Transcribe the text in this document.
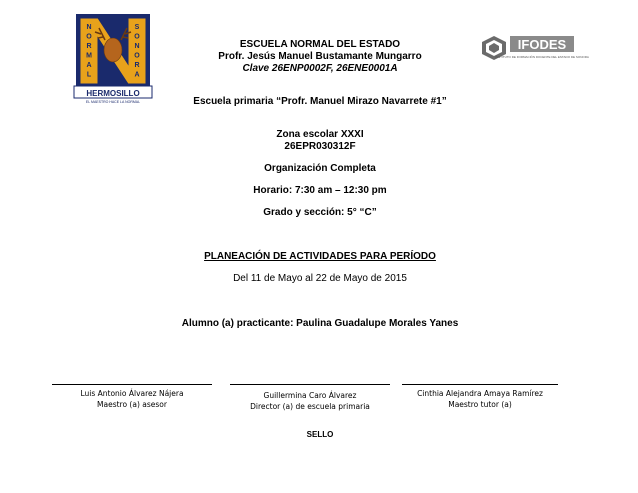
HERMOSILLO
EL MAESTRO HACE LA NORMAL
N
O
R
M
A
L
S
O
N
O
R
A
IFODES
INSTITUTO DE FORMACIÓN DOCENTE DEL ESTADO DE SONORA
ESCUELA NORMAL DEL ESTADO
Profr. Jesús Manuel Bustamante Mungarro
Clave 26ENP0002F, 26ENE0001A
Escuela primaria “Profr. Manuel Mirazo Navarrete #1”
Zona escolar XXXI
26EPR030312F
Organización Completa
Horario: 7:30 am – 12:30 pm
Grado y sección: 5° “C”
PLANEACIÓN DE ACTIVIDADES PARA PERÍODO
Del 11 de Mayo al 22 de Mayo de 2015
Alumno (a) practicante: Paulina Guadalupe Morales Yanes
Luis Antonio Álvarez Nájera
Maestro (a) asesor
Guillermina Caro Álvarez
Director (a) de escuela primaria
Cinthia Alejandra Amaya Ramírez
Maestro tutor (a)
SELLO
